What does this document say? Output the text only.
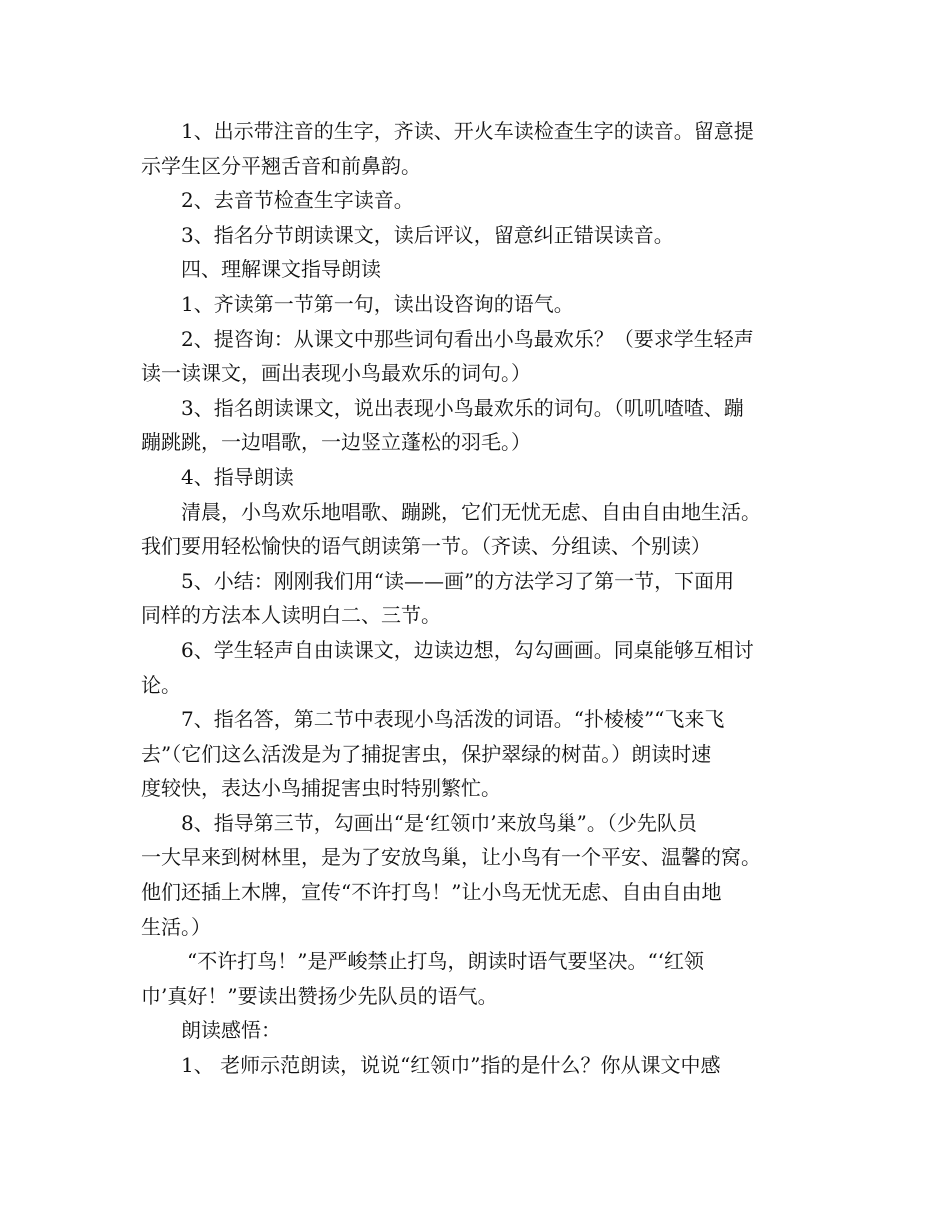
1、出示带注音的生字，齐读、开火车读检查生字的读音。留意提
示学生区分平翘舌音和前鼻韵。
2、去音节检查生字读音。
3、指名分节朗读课文，读后评议，留意纠正错误读音。
四、理解课文指导朗读
1、齐读第一节第一句，读出设咨询的语气。
2、提咨询：从课文中那些词句看出小鸟最欢乐？（要求学生轻声
读一读课文，画出表现小鸟最欢乐的词句。）
3、指名朗读课文，说出表现小鸟最欢乐的词句。（叽叽喳喳、蹦
蹦跳跳，一边唱歌，一边竖立蓬松的羽毛。）
4、指导朗读
清晨，小鸟欢乐地唱歌、蹦跳，它们无忧无虑、自由自由地生活。
我们要用轻松愉快的语气朗读第一节。（齐读、分组读、个别读）
5、小结：刚刚我们用“读——画”的方法学习了第一节，下面用
同样的方法本人读明白二、三节。
6、学生轻声自由读课文，边读边想，勾勾画画。同桌能够互相讨
论。
7、指名答，第二节中表现小鸟活泼的词语。“扑棱棱”“飞来飞
去”（它们这么活泼是为了捕捉害虫，保护翠绿的树苗。）朗读时速
度较快，表达小鸟捕捉害虫时特别繁忙。
8、指导第三节，勾画出“是‘红领巾’来放鸟巢”。（少先队员
一大早来到树林里，是为了安放鸟巢，让小鸟有一个平安、温馨的窝。
他们还插上木牌，宣传“不许打鸟！”让小鸟无忧无虑、自由自由地
生活。）
“不许打鸟！”是严峻禁止打鸟，朗读时语气要坚决。“‘红领
巾’真好！”要读出赞扬少先队员的语气。
朗读感悟：
1、 老师示范朗读，说说“红领巾”指的是什么？你从课文中感
